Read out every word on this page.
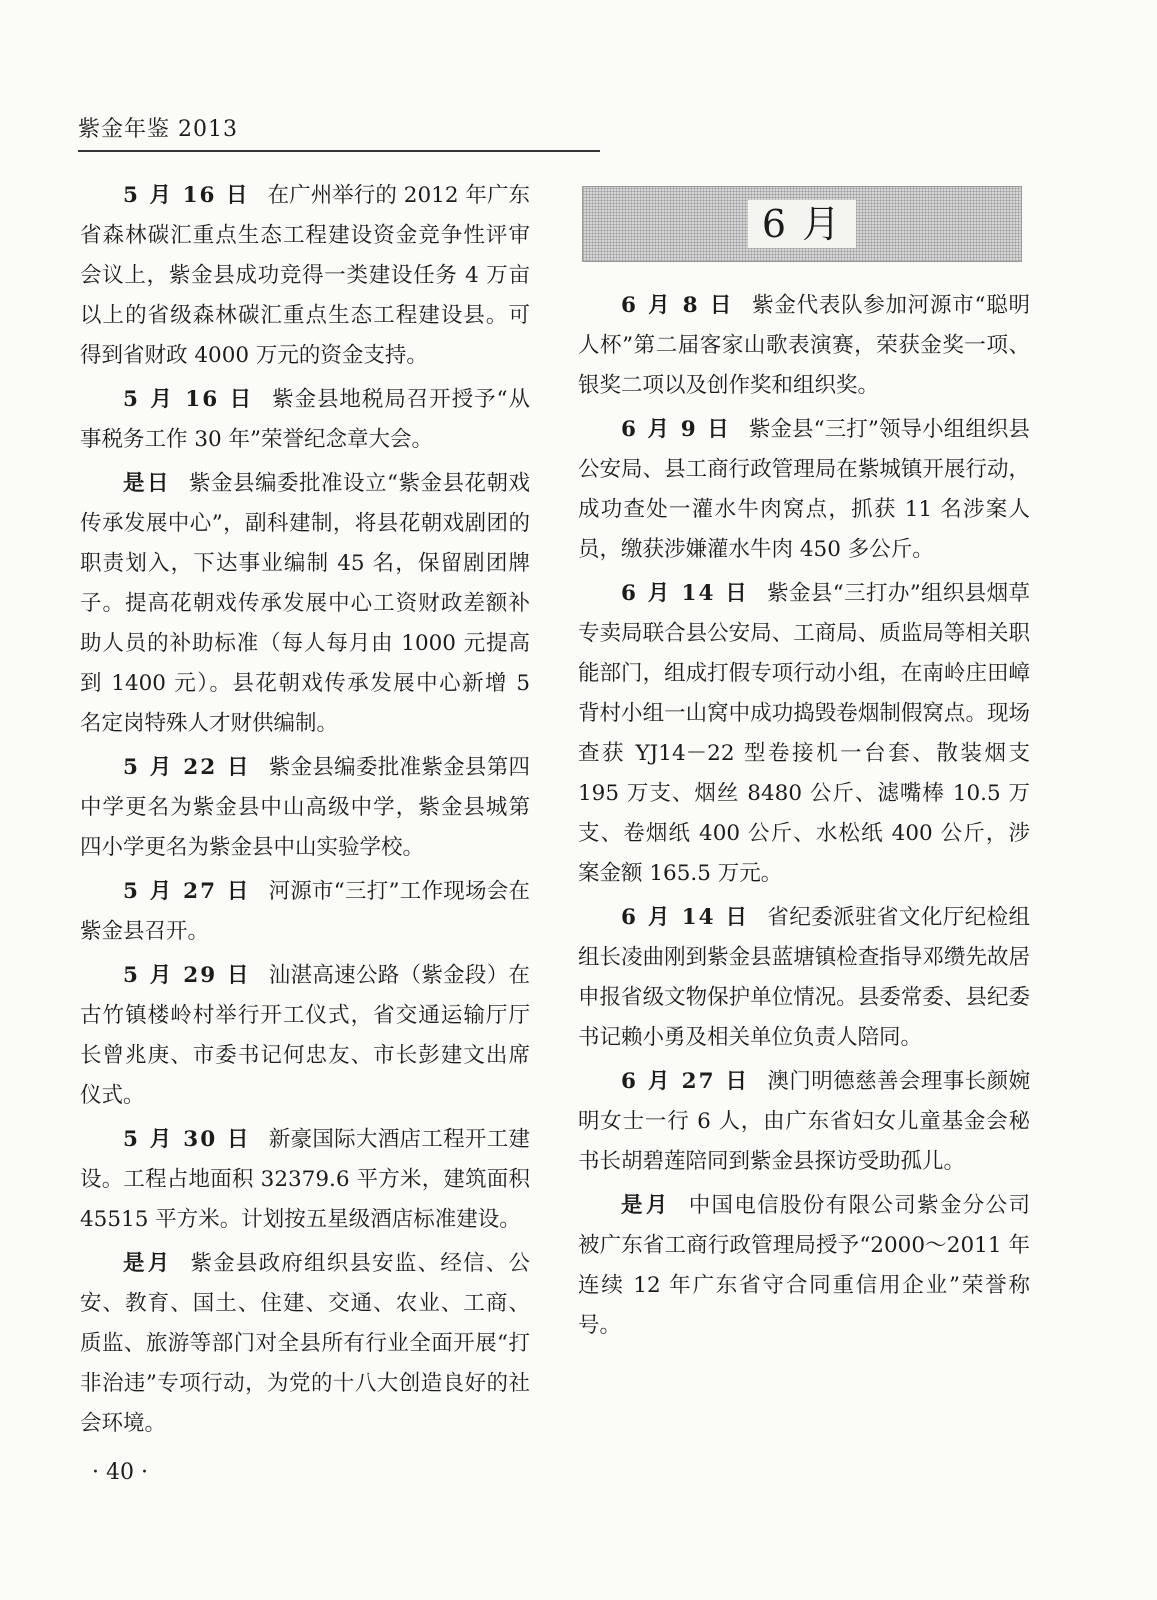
紫金年鉴 2013

5 月 16 日 在广州举行的 2012 年广东省森林碳汇重点生态工程建设资金竞争性评审会议上，紫金县成功竞得一类建设任务 4 万亩以上的省级森林碳汇重点生态工程建设县。可得到省财政 4000 万元的资金支持。

5 月 16 日 紫金县地税局召开授予“从事税务工作 30 年”荣誉纪念章大会。

是日 紫金县编委批准设立“紫金县花朝戏传承发展中心”，副科建制，将县花朝戏剧团的职责划入，下达事业编制 45 名，保留剧团牌子。提高花朝戏传承发展中心工资财政差额补助人员的补助标准（每人每月由 1000 元提高到 1400 元）。县花朝戏传承发展中心新增 5 名定岗特殊人才财供编制。

5 月 22 日 紫金县编委批准紫金县第四中学更名为紫金县中山高级中学，紫金县城第四小学更名为紫金县中山实验学校。

5 月 27 日 河源市“三打”工作现场会在紫金县召开。

5 月 29 日 汕湛高速公路（紫金段）在古竹镇楼岭村举行开工仪式，省交通运输厅厅长曾兆庚、市委书记何忠友、市长彭建文出席仪式。

5 月 30 日 新豪国际大酒店工程开工建设。工程占地面积 32379.6 平方米，建筑面积 45515 平方米。计划按五星级酒店标准建设。

是月 紫金县政府组织县安监、经信、公安、教育、国土、住建、交通、农业、工商、质监、旅游等部门对全县所有行业全面开展“打非治违”专项行动，为党的十八大创造良好的社会环境。

6 月

6 月 8 日 紫金代表队参加河源市“聪明人杯”第二届客家山歌表演赛，荣获金奖一项、银奖二项以及创作奖和组织奖。

6 月 9 日 紫金县“三打”领导小组组织县公安局、县工商行政管理局在紫城镇开展行动，成功查处一灌水牛肉窝点，抓获 11 名涉案人员，缴获涉嫌灌水牛肉 450 多公斤。

6 月 14 日 紫金县“三打办”组织县烟草专卖局联合县公安局、工商局、质监局等相关职能部门，组成打假专项行动小组，在南岭庄田嶂背村小组一山窝中成功捣毁卷烟制假窝点。现场查获 YJ14－22 型卷接机一台套、散装烟支 195 万支、烟丝 8480 公斤、滤嘴棒 10.5 万支、卷烟纸 400 公斤、水松纸 400 公斤，涉案金额 165.5 万元。

6 月 14 日 省纪委派驻省文化厅纪检组组长凌曲刚到紫金县蓝塘镇检查指导邓缵先故居申报省级文物保护单位情况。县委常委、县纪委书记赖小勇及相关单位负责人陪同。

6 月 27 日 澳门明德慈善会理事长颜婉明女士一行 6 人，由广东省妇女儿童基金会秘书长胡碧莲陪同到紫金县探访受助孤儿。

是月 中国电信股份有限公司紫金分公司被广东省工商行政管理局授予“2000～2011 年连续 12 年广东省守合同重信用企业”荣誉称号。

· 40 ·
